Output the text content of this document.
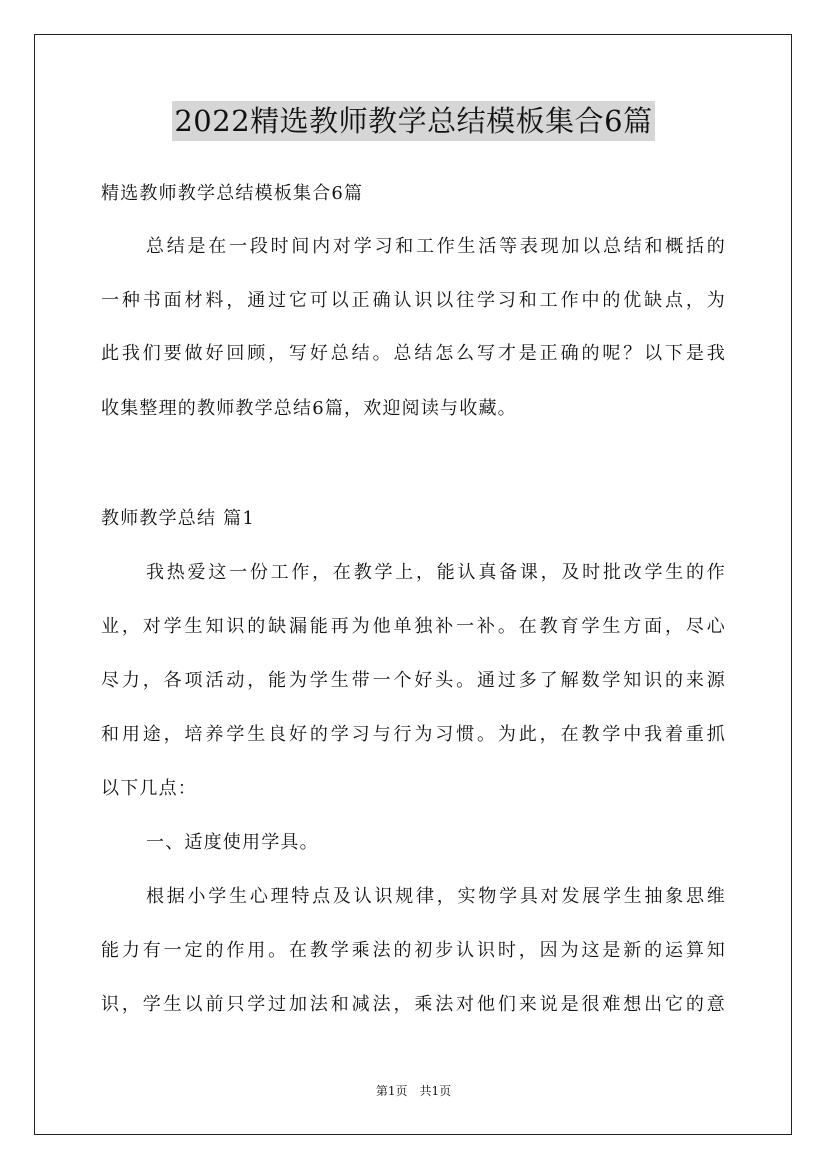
2022精选教师教学总结模板集合6篇
精选教师教学总结模板集合6篇
总结是在一段时间内对学习和工作生活等表现加以总结和概括的
一种书面材料，通过它可以正确认识以往学习和工作中的优缺点，为
此我们要做好回顾，写好总结。总结怎么写才是正确的呢？以下是我
收集整理的教师教学总结6篇，欢迎阅读与收藏。
教师教学总结 篇1
我热爱这一份工作，在教学上，能认真备课，及时批改学生的作
业，对学生知识的缺漏能再为他单独补一补。在教育学生方面，尽心
尽力，各项活动，能为学生带一个好头。通过多了解数学知识的来源
和用途，培养学生良好的学习与行为习惯。为此，在教学中我着重抓
以下几点：
一、适度使用学具。
根据小学生心理特点及认识规律，实物学具对发展学生抽象思维
能力有一定的作用。在教学乘法的初步认识时，因为这是新的运算知
识，学生以前只学过加法和减法，乘法对他们来说是很难想出它的意
第1页　共1页
